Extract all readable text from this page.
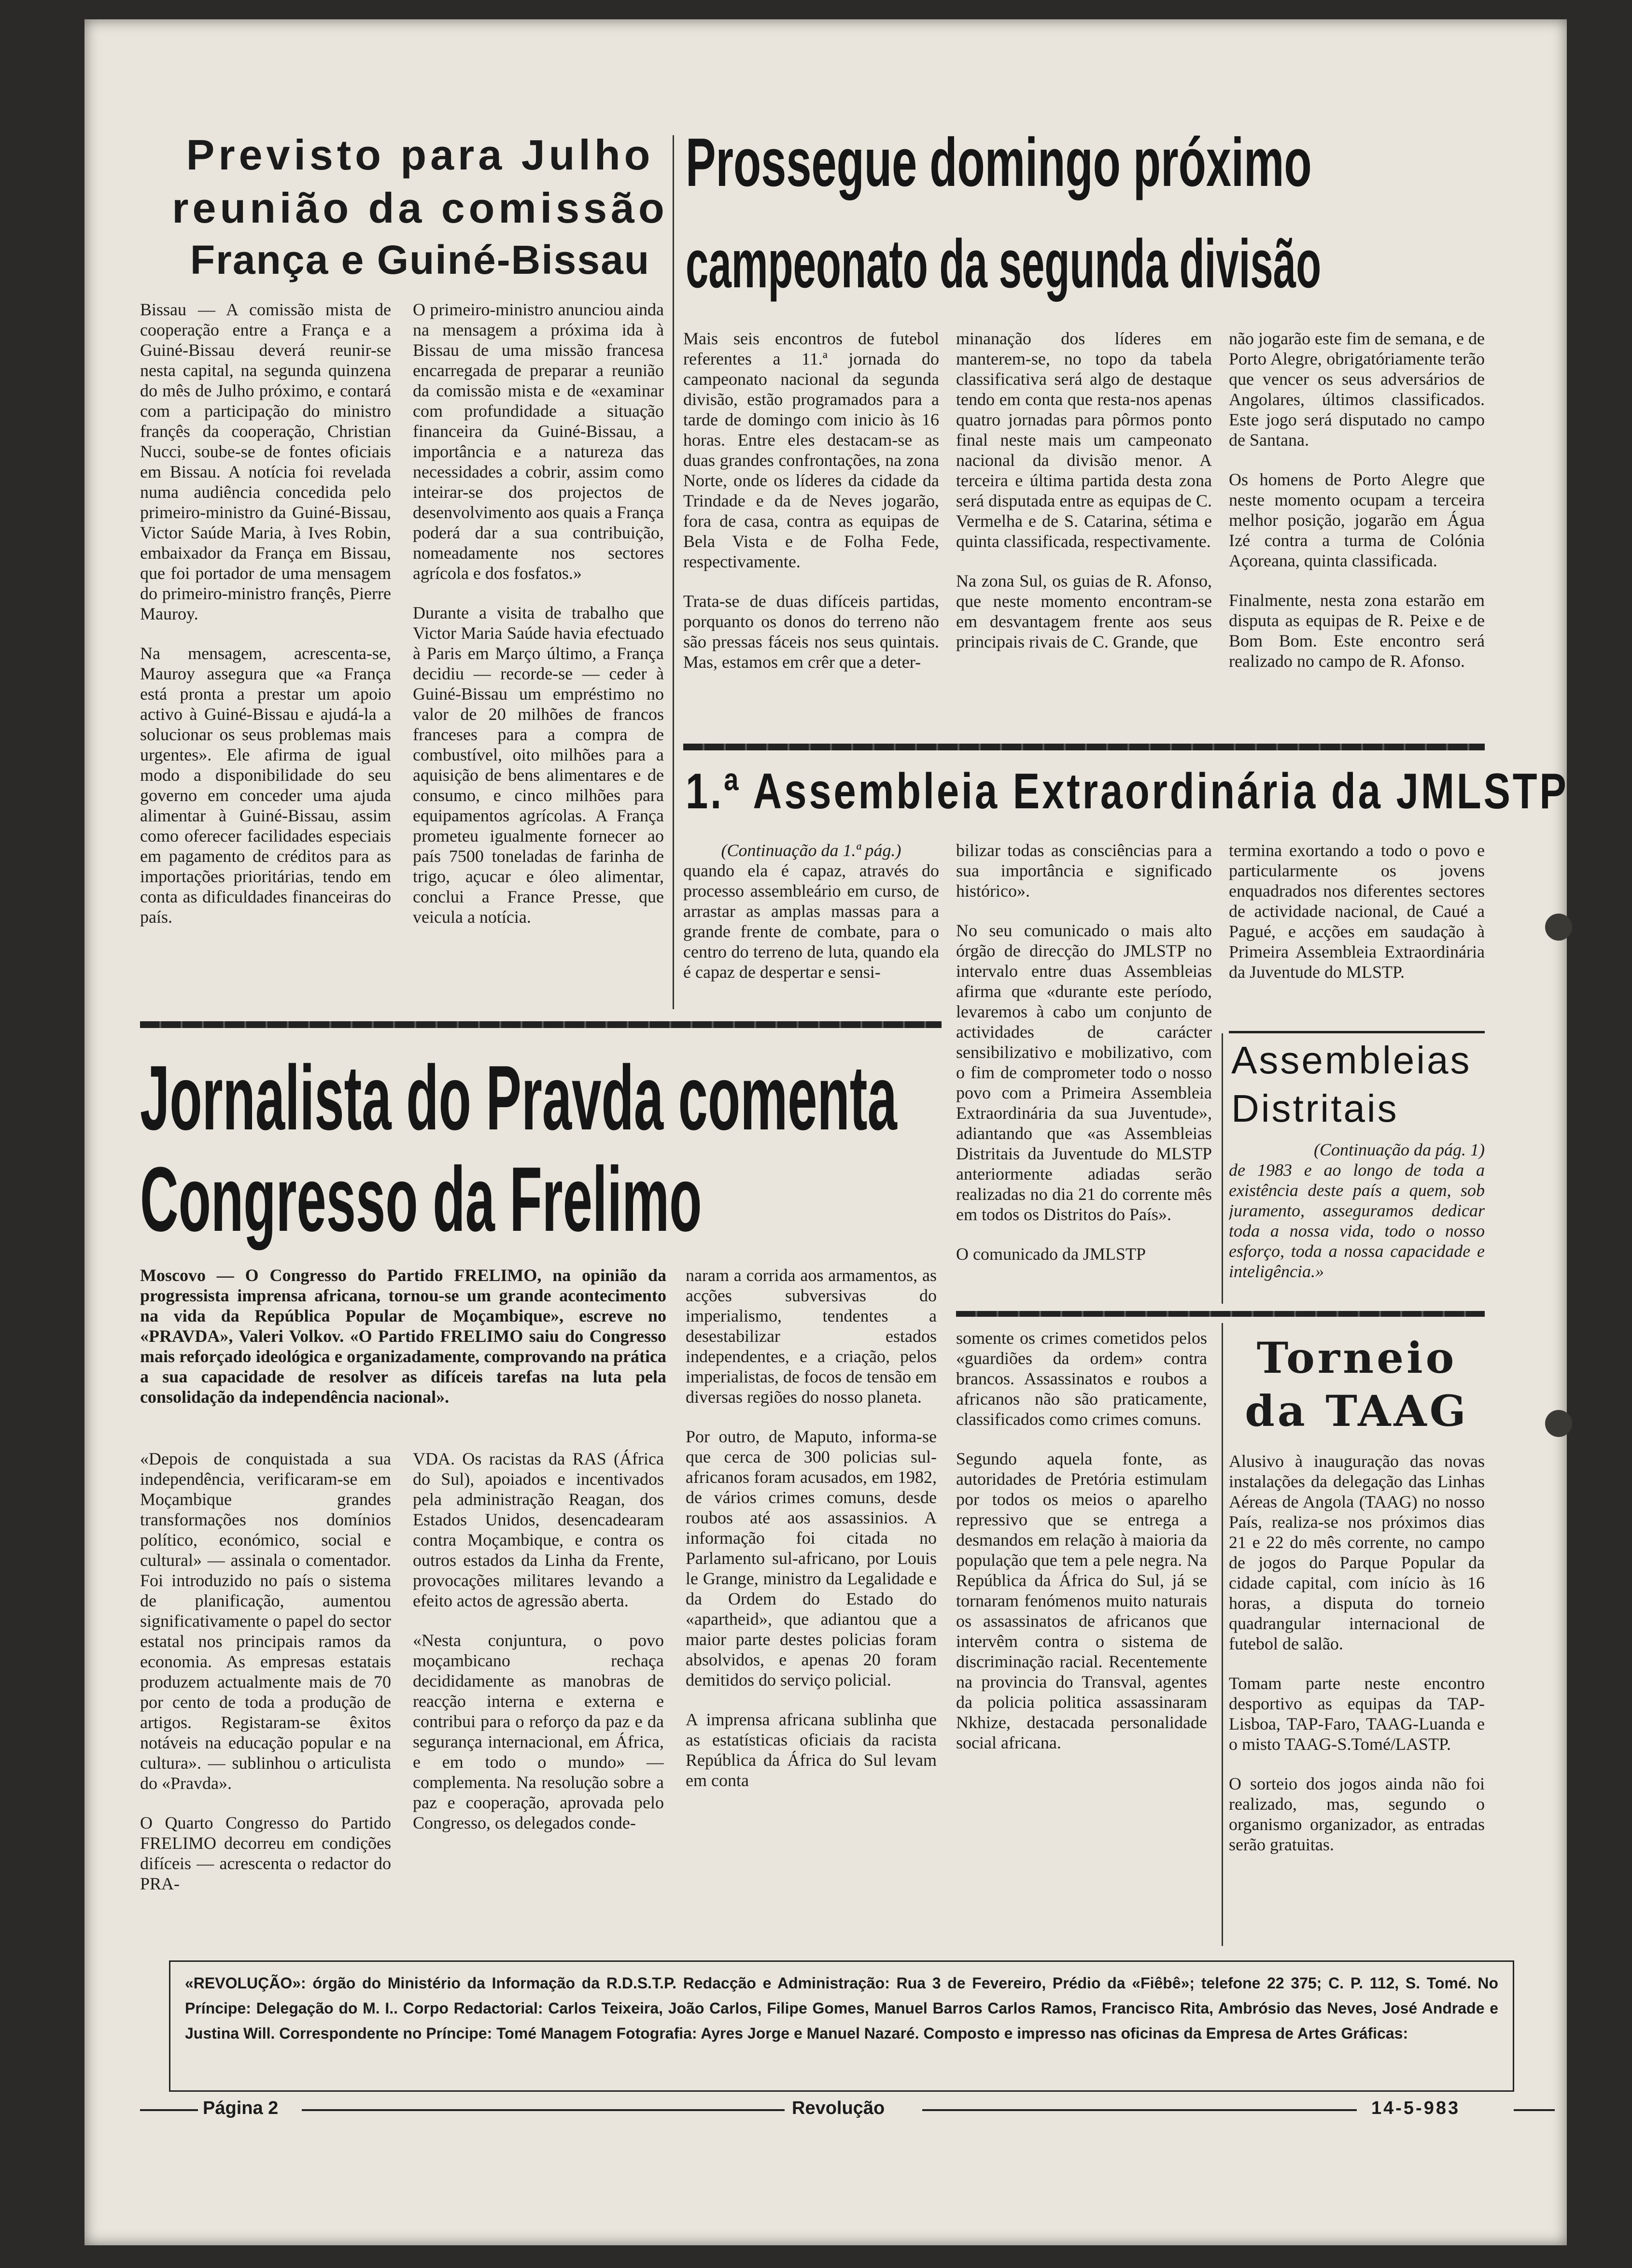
Previsto para Julho
reunião da comissão
França e Guiné-Bissau

Bissau — A comissão mista de cooperação entre a França e a Guiné-Bissau deverá reunir-se nesta capital, na segunda quinzena do mês de Julho próximo, e contará com a participação do ministro françês da cooperação, Christian Nucci, soube-se de fontes oficiais em Bissau. A notícia foi revelada numa audiência concedida pelo primeiro-ministro da Guiné-Bissau, Victor Saúde Maria, à Ives Robin, embaixador da França em Bissau, que foi portador de uma mensagem do primeiro-ministro françês, Pierre Mauroy.

Na mensagem, acrescenta-se, Mauroy assegura que «a França está pronta a prestar um apoio activo à Guiné-Bissau e ajudá-la a solucionar os seus problemas mais urgentes». Ele afirma de igual modo a disponibilidade do seu governo em conceder uma ajuda alimentar à Guiné-Bissau, assim como oferecer facilidades especiais em pagamento de créditos para as importações prioritárias, tendo em conta as dificuldades financeiras do país.

O primeiro-ministro anunciou ainda na mensagem a próxima ida à Bissau de uma missão francesa encarregada de preparar a reunião da comissão mista e de «examinar com profundidade a situação financeira da Guiné-Bissau, a importância e a natureza das necessidades a cobrir, assim como inteirar-se dos projectos de desenvolvimento aos quais a França poderá dar a sua contribuição, nomeadamente nos sectores agrícola e dos fosfatos.»

Durante a visita de trabalho que Victor Maria Saúde havia efectuado à Paris em Março último, a França decidiu — recorde-se — ceder à Guiné-Bissau um empréstimo no valor de 20 milhões de francos franceses para a compra de combustível, oito milhões para a aquisição de bens alimentares e de consumo, e cinco milhões para equipamentos agrícolas. A França prometeu igualmente fornecer ao país 7500 toneladas de farinha de trigo, açucar e óleo alimentar, conclui a France Presse, que veicula a notícia.

Prossegue domingo próximo
campeonato da segunda divisão

Mais seis encontros de futebol referentes a 11.ª jornada do campeonato nacional da segunda divisão, estão programados para a tarde de domingo com inicio às 16 horas. Entre eles destacam-se as duas grandes confrontações, na zona Norte, onde os líderes da cidade da Trindade e da de Neves jogarão, fora de casa, contra as equipas de Bela Vista e de Folha Fede, respectivamente.

Trata-se de duas difíceis partidas, porquanto os donos do terreno não são pressas fáceis nos seus quintais. Mas, estamos em crêr que a deter-

minanação dos líderes em manterem-se, no topo da tabela classificativa será algo de destaque tendo em conta que resta-nos apenas quatro jornadas para pôrmos ponto final neste mais um campeonato nacional da divisão menor. A terceira e última partida desta zona será disputada entre as equipas de C. Vermelha e de S. Catarina, sétima e quinta classificada, respectivamente.

Na zona Sul, os guias de R. Afonso, que neste momento encontram-se em desvantagem frente aos seus principais rivais de C. Grande, que

não jogarão este fim de semana, e de Porto Alegre, obrigatóriamente terão que vencer os seus adversários de Angolares, últimos classificados. Este jogo será disputado no campo de Santana.

Os homens de Porto Alegre que neste momento ocupam a terceira melhor posição, jogarão em Água Izé contra a turma de Colónia Açoreana, quinta classificada.

Finalmente, nesta zona estarão em disputa as equipas de R. Peixe e de Bom Bom. Este encontro será realizado no campo de R. Afonso.

1.ª Assembleia Extraordinária da JMLSTP

(Continuação da 1.ª pág.)

quando ela é capaz, através do processo assembleário em curso, de arrastar as amplas massas para a grande frente de combate, para o centro do terreno de luta, quando ela é capaz de despertar e sensi-

bilizar todas as consciências para a sua importância e significado histórico».

No seu comunicado o mais alto órgão de direcção do JMLSTP no intervalo entre duas Assembleias afirma que «durante este período, levaremos à cabo um conjunto de actividades de carácter sensibilizativo e mobilizativo, com o fim de comprometer todo o nosso povo com a Primeira Assembleia Extraordinária da sua Juventude», adiantando que «as Assembleias Distritais da Juventude do MLSTP anteriormente adiadas serão realizadas no dia 21 do corrente mês em todos os Distritos do País».

O comunicado da JMLSTP

termina exortando a todo o povo e particularmente os jovens enquadrados nos diferentes sectores de actividade nacional, de Caué a Pagué, e acções em saudação à Primeira Assembleia Extraordinária da Juventude do MLSTP.

Assembleias
Distritais

(Continuação da pág. 1)

de 1983 e ao longo de toda a existência deste país a quem, sob juramento, asseguramos dedicar toda a nossa vida, todo o nosso esforço, toda a nossa capacidade e inteligência.»

Jornalista do Pravda comenta
Congresso da Frelimo

Moscovo — O Congresso do Partido FRELIMO, na opinião da progressista imprensa africana, tornou-se um grande acontecimento na vida da República Popular de Moçambique», escreve no «PRAVDA», Valeri Volkov. «O Partido FRELIMO saiu do Congresso mais reforçado ideológica e organizadamente, comprovando na prática a sua capacidade de resolver as difíceis tarefas na luta pela consolidação da independência nacional».

«Depois de conquistada a sua independência, verificaram-se em Moçambique grandes transformações nos domínios político, económico, social e cultural» — assinala o comentador. Foi introduzido no país o sistema de planificação, aumentou significativamente o papel do sector estatal nos principais ramos da economia. As empresas estatais produzem actualmente mais de 70 por cento de toda a produção de artigos. Registaram-se êxitos notáveis na educação popular e na cultura». — sublinhou o articulista do «Pravda».

O Quarto Congresso do Partido FRELIMO decorreu em condições difíceis — acrescenta o redactor do PRA-

VDA. Os racistas da RAS (África do Sul), apoiados e incentivados pela administração Reagan, dos Estados Unidos, desencadearam contra Moçambique, e contra os outros estados da Linha da Frente, provocações militares levando a efeito actos de agressão aberta.

«Nesta conjuntura, o povo moçambicano rechaça decididamente as manobras de reacção interna e externa e contribui para o reforço da paz e da segurança internacional, em África, e em todo o mundo» — complementa. Na resolução sobre a paz e cooperação, aprovada pelo Congresso, os delegados conde-

naram a corrida aos armamentos, as acções subversivas do imperialismo, tendentes a desestabilizar estados independentes, e a criação, pelos imperialistas, de focos de tensão em diversas regiões do nosso planeta.

Por outro, de Maputo, informa-se que cerca de 300 policias sul-africanos foram acusados, em 1982, de vários crimes comuns, desde roubos até aos assassinios. A informação foi citada no Parlamento sul-africano, por Louis le Grange, ministro da Legalidade e da Ordem do Estado do «apartheid», que adiantou que a maior parte destes policias foram absolvidos, e apenas 20 foram demitidos do serviço policial.

A imprensa africana sublinha que as estatísticas oficiais da racista República da África do Sul levam em conta

somente os crimes cometidos pelos «guardiões da ordem» contra brancos. Assassinatos e roubos a africanos não são praticamente, classificados como crimes comuns.

Segundo aquela fonte, as autoridades de Pretória estimulam por todos os meios o aparelho repressivo que se entrega a desmandos em relação à maioria da população que tem a pele negra. Na República da África do Sul, já se tornaram fenómenos muito naturais os assassinatos de africanos que intervêm contra o sistema de discriminação racial. Recentemente na provincia do Transval, agentes da policia politica assassinaram Nkhize, destacada personalidade social africana.

Torneio
da TAAG

Alusivo à inauguração das novas instalações da delegação das Linhas Aéreas de Angola (TAAG) no nosso País, realiza-se nos próximos dias 21 e 22 do mês corrente, no campo de jogos do Parque Popular da cidade capital, com início às 16 horas, a disputa do torneio quadrangular internacional de futebol de salão.

Tomam parte neste encontro desportivo as equipas da TAP-Lisboa, TAP-Faro, TAAG-Luanda e o misto TAAG-S.Tomé/LASTP.

O sorteio dos jogos ainda não foi realizado, mas, segundo o organismo organizador, as entradas serão gratuitas.

«REVOLUÇÃO»: órgão do Ministério da Informação da R.D.S.T.P. Redacção e Administração: Rua 3 de Fevereiro, Prédio da «Fiêbê»; telefone 22 375; C. P. 112, S. Tomé. No Príncipe: Delegação do M. I.. Corpo Redactorial: Carlos Teixeira, João Carlos, Filipe Gomes, Manuel Barros Carlos Ramos, Francisco Rita, Ambrósio das Neves, José Andrade e Justina Will. Correspondente no Príncipe: Tomé Managem Fotografia: Ayres Jorge e Manuel Nazaré. Composto e impresso nas oficinas da Empresa de Artes Gráficas:
Página 2	Revolução	14-5-983
